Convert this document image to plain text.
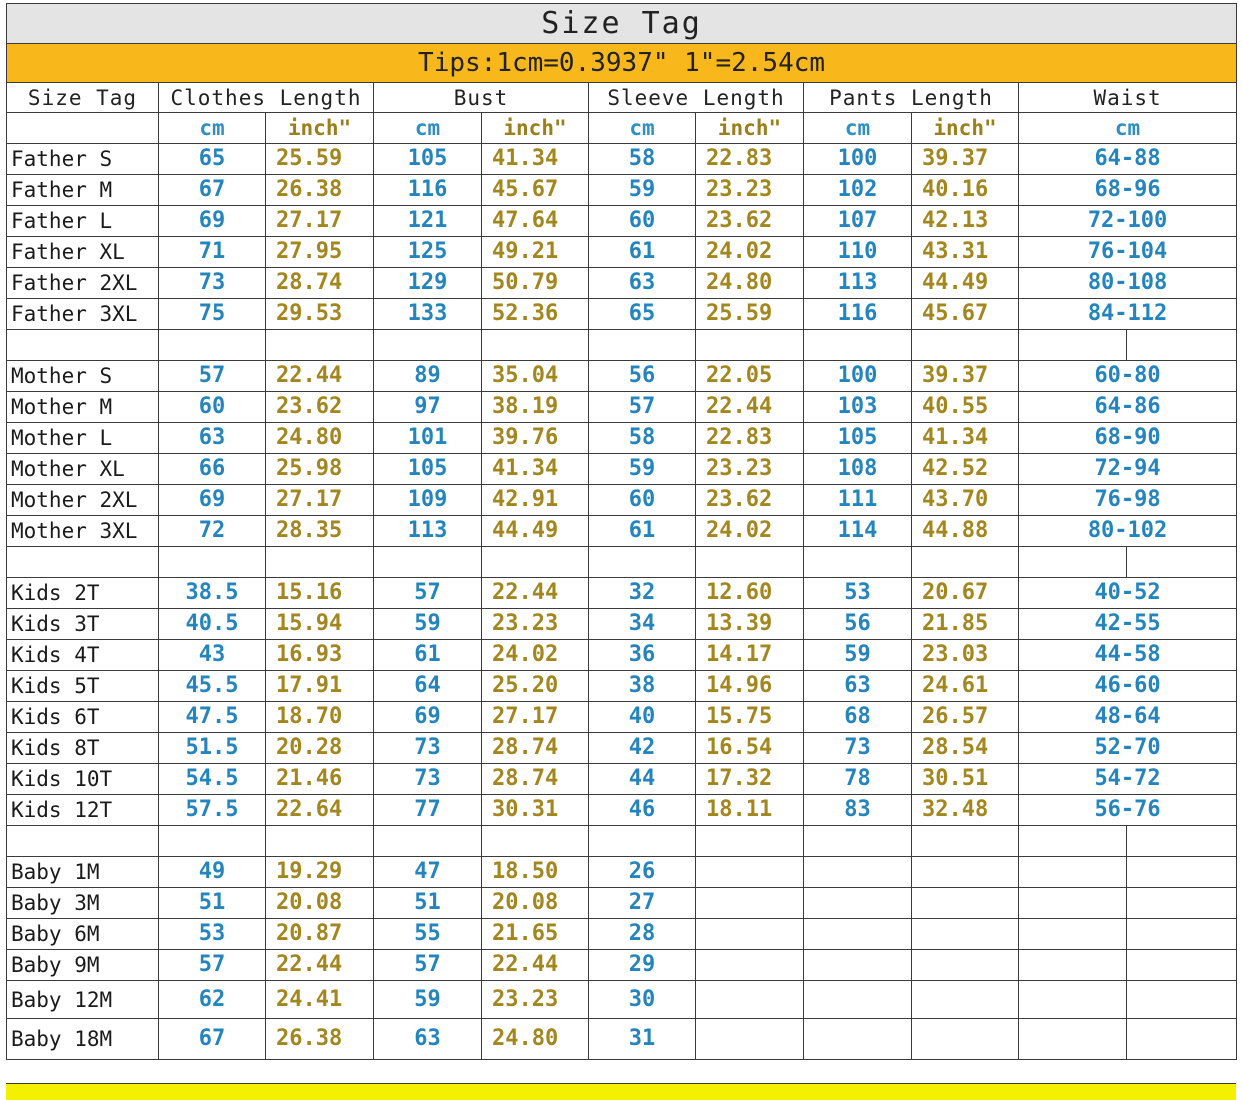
Size Tag										
Tips:1cm=0.3937" 1"=2.54cm										
Size Tag	Clothes Length		Bust		Sleeve Length		Pants Length		Waist	
	cm	inch"	cm	inch"	cm	inch"	cm	inch"	cm	
Father S	65	25.59	105	41.34	58	22.83	100	39.37	64-88	
Father M	67	26.38	116	45.67	59	23.23	102	40.16	68-96	
Father L	69	27.17	121	47.64	60	23.62	107	42.13	72-100	
Father XL	71	27.95	125	49.21	61	24.02	110	43.31	76-104	
Father 2XL	73	28.74	129	50.79	63	24.80	113	44.49	80-108	
Father 3XL	75	29.53	133	52.36	65	25.59	116	45.67	84-112	

Mother S	57	22.44	89	35.04	56	22.05	100	39.37	60-80	
Mother M	60	23.62	97	38.19	57	22.44	103	40.55	64-86	
Mother L	63	24.80	101	39.76	58	22.83	105	41.34	68-90	
Mother XL	66	25.98	105	41.34	59	23.23	108	42.52	72-94	
Mother 2XL	69	27.17	109	42.91	60	23.62	111	43.70	76-98	
Mother 3XL	72	28.35	113	44.49	61	24.02	114	44.88	80-102	

Kids 2T	38.5	15.16	57	22.44	32	12.60	53	20.67	40-52	
Kids 3T	40.5	15.94	59	23.23	34	13.39	56	21.85	42-55	
Kids 4T	43	16.93	61	24.02	36	14.17	59	23.03	44-58	
Kids 5T	45.5	17.91	64	25.20	38	14.96	63	24.61	46-60	
Kids 6T	47.5	18.70	69	27.17	40	15.75	68	26.57	48-64	
Kids 8T	51.5	20.28	73	28.74	42	16.54	73	28.54	52-70	
Kids 10T	54.5	21.46	73	28.74	44	17.32	78	30.51	54-72	
Kids 12T	57.5	22.64	77	30.31	46	18.11	83	32.48	56-76	

Baby 1M	49	19.29	47	18.50	26					
Baby 3M	51	20.08	51	20.08	27					
Baby 6M	53	20.87	55	21.65	28					
Baby 9M	57	22.44	57	22.44	29					
Baby 12M	62	24.41	59	23.23	30					
Baby 18M	67	26.38	63	24.80	31					
